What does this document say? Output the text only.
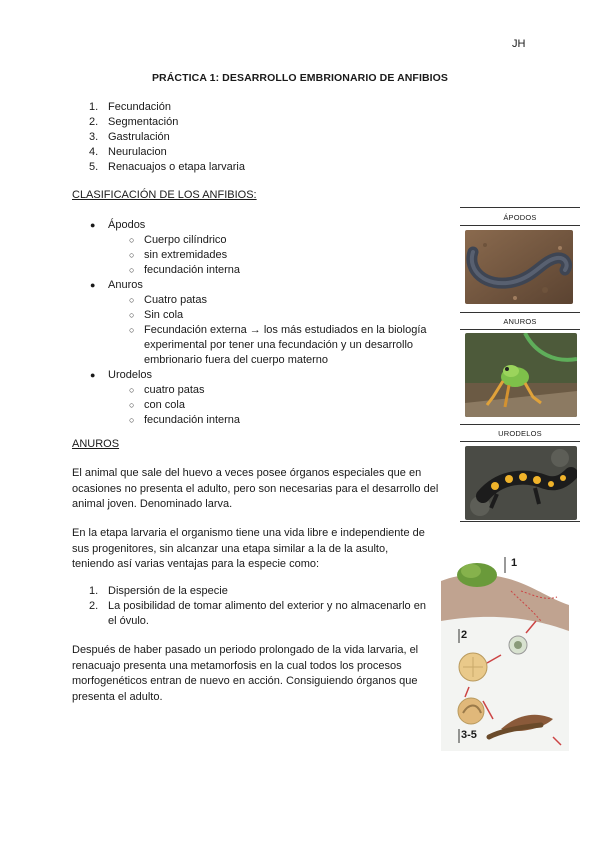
JH
PRÁCTICA 1: DESARROLLO EMBRIONARIO DE ANFIBIOS
1. Fecundación
2. Segmentación
3. Gastrulación
4. Neurulacion
5. Renacuajos o etapa larvaria
CLASIFICACIÓN DE LOS ANFIBIOS:
● Ápodos
○ Cuerpo cilíndrico
○ sin extremidades
○ fecundación interna
● Anuros
○ Cuatro patas
○ Sin cola
○ Fecundación externa → los más estudiados en la biología
experimental por tener una fecundación y un desarrollo
embrionario fuera del cuerpo materno
● Urodelos
○ cuatro patas
○ con cola
○ fecundación interna
ANUROS
El animal que sale del huevo a veces posee órganos especiales que en
ocasiones no presenta el adulto, pero son necesarias para el desarrollo del
animal joven. Denominado larva.
En la etapa larvaria el organismo tiene una vida libre e independiente de
sus progenitores, sin alcanzar una etapa similar a la de la asulto,
teniendo así varias ventajas para la especie como:
1. Dispersión de la especie
2. La posibilidad de tomar alimento del exterior y no almacenarlo en
el óvulo.
Después de haber pasado un periodo prolongado de la vida larvaria, el
renacuajo presenta una metamorfosis en la cual todos los procesos
morfogenéticos entran de nuevo en acción. Consiguiendo órganos que
presenta el adulto.
ÁPODOS
ANUROS
URODELOS
1
2
3-5
